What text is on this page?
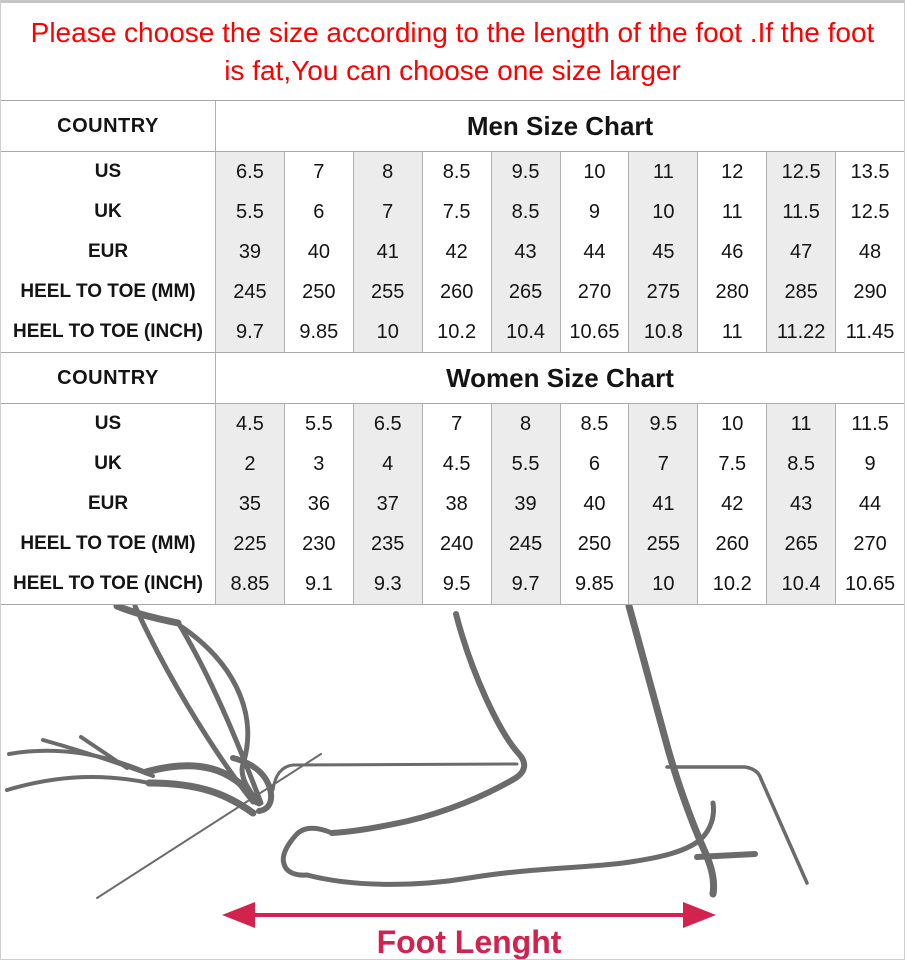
Please choose the size according to the length of the foot .If the foot
is fat,You can choose one size larger
COUNTRY	Men Size Chart
US	6.5	7	8	8.5	9.5	10	11	12	12.5	13.5
UK	5.5	6	7	7.5	8.5	9	10	11	11.5	12.5
EUR	39	40	41	42	43	44	45	46	47	48
HEEL TO TOE (MM)	245	250	255	260	265	270	275	280	285	290
HEEL TO TOE (INCH)	9.7	9.85	10	10.2	10.4	10.65	10.8	11	11.22	11.45
COUNTRY	Women Size Chart
US	4.5	5.5	6.5	7	8	8.5	9.5	10	11	11.5
UK	2	3	4	4.5	5.5	6	7	7.5	8.5	9
EUR	35	36	37	38	39	40	41	42	43	44
HEEL TO TOE (MM)	225	230	235	240	245	250	255	260	265	270
HEEL TO TOE (INCH)	8.85	9.1	9.3	9.5	9.7	9.85	10	10.2	10.4	10.65
Foot Lenght
